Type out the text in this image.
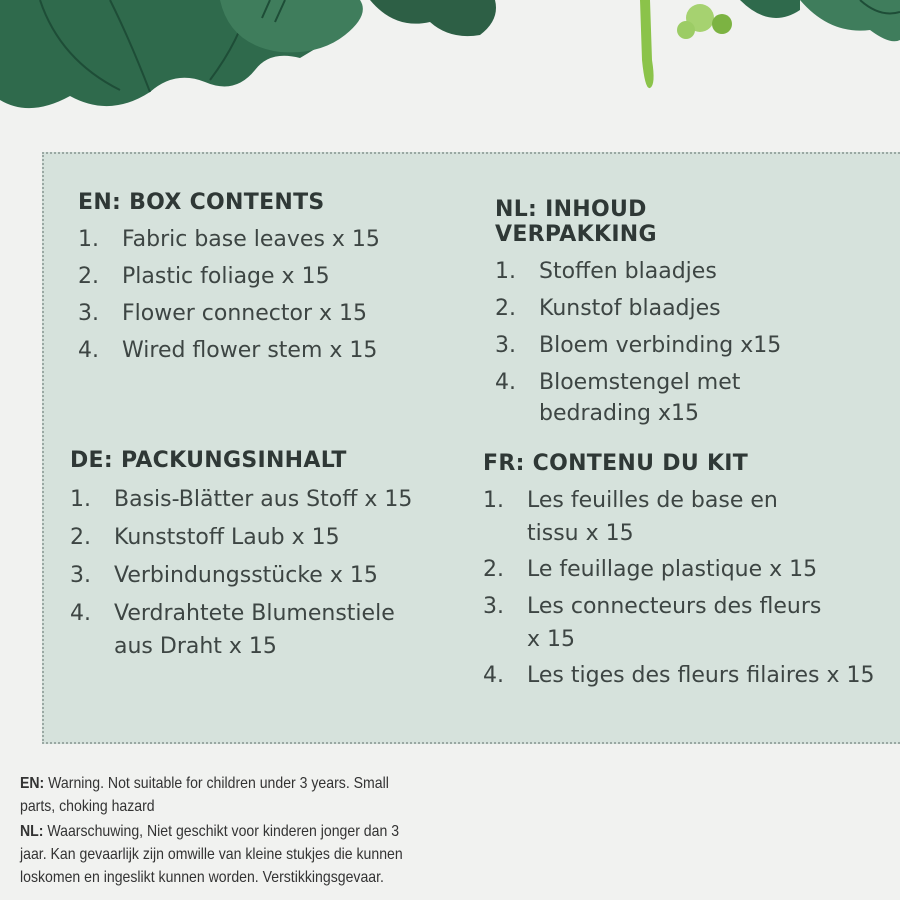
EN: BOX CONTENTS
1. Fabric base leaves x 15
2. Plastic foliage x 15
3. Flower connector x 15
4. Wired flower stem x 15
NL: INHOUD VERPAKKING
1. Stoffen blaadjes
2. Kunstof blaadjes
3. Bloem verbinding x15
4. Bloemstengel met bedrading x15
DE: PACKUNGSINHALT
1. Basis-Blätter aus Stoff x 15
2. Kunststoff Laub x 15
3. Verbindungsstücke x 15
4. Verdrahtete Blumenstiele aus Draht x 15
FR: CONTENU DU KIT
1. Les feuilles de base en tissu x 15
2. Le feuillage plastique x 15
3. Les connecteurs des fleurs x 15
4. Les tiges des fleurs filaires x 15

EN: Warning. Not suitable for children under 3 years. Small parts, choking hazard

NL: Waarschuwing, Niet geschikt voor kinderen jonger dan 3 jaar. Kan gevaarlijk zijn omwille van kleine stukjes die kunnen loskomen en ingeslikt kunnen worden. Verstikkingsgevaar.
